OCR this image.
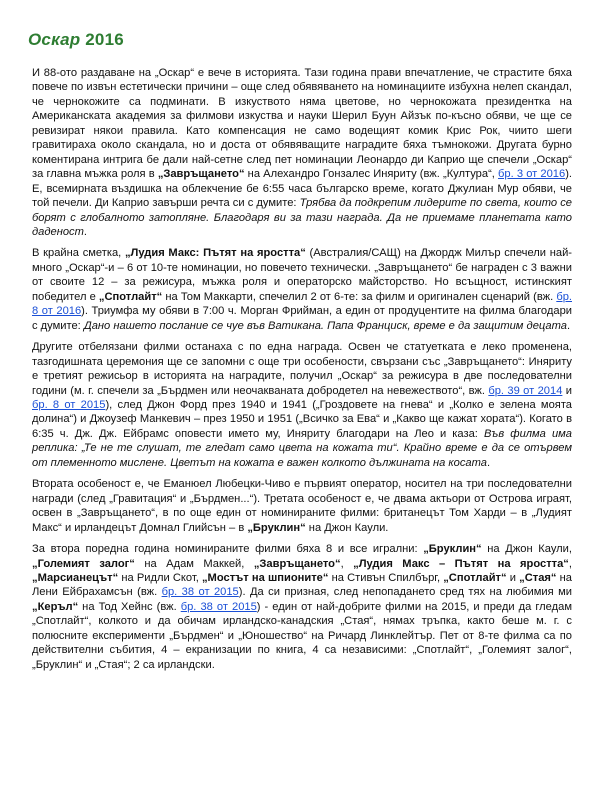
Оскар 2016

И 88-ото раздаване на „Оскар“ е вече в историята. Тази година прави впечатление, че страстите бяха повече по извън естетически причини – още след обявяването на номинациите избухна нелеп скандал, че чернокожите са подминати. В изкуството няма цветове, но чернокожата президентка на Американската академия за филмови изкуства и науки Шерил Буун Айзък по-късно обяви, че ще се ревизират някои правила. Като компенсация не само водещият комик Крис Рок, чиито шеги гравитираха около скандала, но и доста от обявяващите наградите бяха тъмнокожи. Другата бурно коментирана интрига бе дали най-сетне след пет номинации Леонардо ди Каприо ще спечели „Оскар“ за главна мъжка роля в „Завръщането“ на Алехандро Гонзалес Иняриту (вж. „Култура“, бр. 3 от 2016). Е, всемирната въздишка на облекчение бе 6:55 часа българско време, когато Джулиан Мур обяви, че той печели. Ди Каприо завърши речта си с думите: Трябва да подкрепим лидерите по света, които се борят с глобалното затопляне. Благодаря ви за тази награда. Да не приемаме планетата като даденост.

В крайна сметка, „Лудия Макс: Пътят на яростта“ (Австралия/САЩ) на Джордж Милър спечели най-много „Оскар“-и – 6 от 10-те номинации, но повечето технически. „Завръщането“ бе награден с 3 важни от своите 12 – за режисура, мъжка роля и операторско майсторство. Но всъщност, истинският победител е „Спотлайт“ на Том Маккарти, спечелил 2 от 6-те: за филм и оригинален сценарий (вж. бр. 8 от 2016). Триумфа му обяви в 7:00 ч. Морган Фрийман, а един от продуцентите на филма благодари с думите: Дано нашето послание се чуе във Ватикана. Папа Франциск, време е да защитим децата.

Другите отбелязани филми останаха с по една награда. Освен че статуетката е леко променена, тазгодишната церемония ще се запомни с още три особености, свързани със „Завръщането“: Иняриту е третият режисьор в историята на наградите, получил „Оскар“ за режисура в две последователни години (м. г. спечели за „Бърдмен или неочакваната добродетел на невежеството“, вж. бр. 39 от 2014 и бр. 8 от 2015), след Джон Форд през 1940 и 1941 („Гроздовете на гнева“ и „Колко е зелена моята долина“) и Джоузеф Манкевич – през 1950 и 1951 („Всичко за Ева“ и „Какво ще кажат хората“). Когато в 6:35 ч. Дж. Дж. Ейбрамс оповести името му, Иняриту благодари на Лео и каза: Във филма има реплика: „Те не те слушат, те гледат само цвета на кожата ти“. Крайно време е да се отървем от племенното мислене. Цветът на кожата е важен колкото дължината на косата.

Втората особеност е, че Еманюел Любецки-Чиво е първият оператор, носител на три последователни награди (след „Гравитация“ и „Бърдмен...“). Третата особеност е, че двама актьори от Острова играят, освен в „Завръщането“, в по още един от номинираните филми: британецът Том Харди – в „Лудият Макс“ и ирландецът Домнал Глийсън – в „Бруклин“ на Джон Каули.

За втора поредна година номинираните филми бяха 8 и все игрални: „Бруклин“ на Джон Каули, „Големият залог“ на Адам Маккей, „Завръщането“, „Лудия Макс – Пътят на яростта“, „Марсианецът“ на Ридли Скот, „Мостът на шпионите“ на Стивън Спилбърг, „Спотлайт“ и „Стая“ на Лени Ейбрахамсън (вж. бр. 38 от 2015). Да си призная, след непопадането сред тях на любимия ми „Керъл“ на Тод Хейнс (вж. бр. 38 от 2015) - един от най-добрите филми на 2015, и преди да гледам „Спотлайт“, колкото и да обичам ирландско-канадския „Стая“, нямах тръпка, както беше м. г. с полюсните експерименти „Бърдмен“ и „Юношество“ на Ричард Линклейтър. Пет от 8-те филма са по действителни събития, 4 – екранизации по книга, 4 са независими: „Спотлайт“, „Големият залог“, „Бруклин“ и „Стая“; 2 са ирландски.
